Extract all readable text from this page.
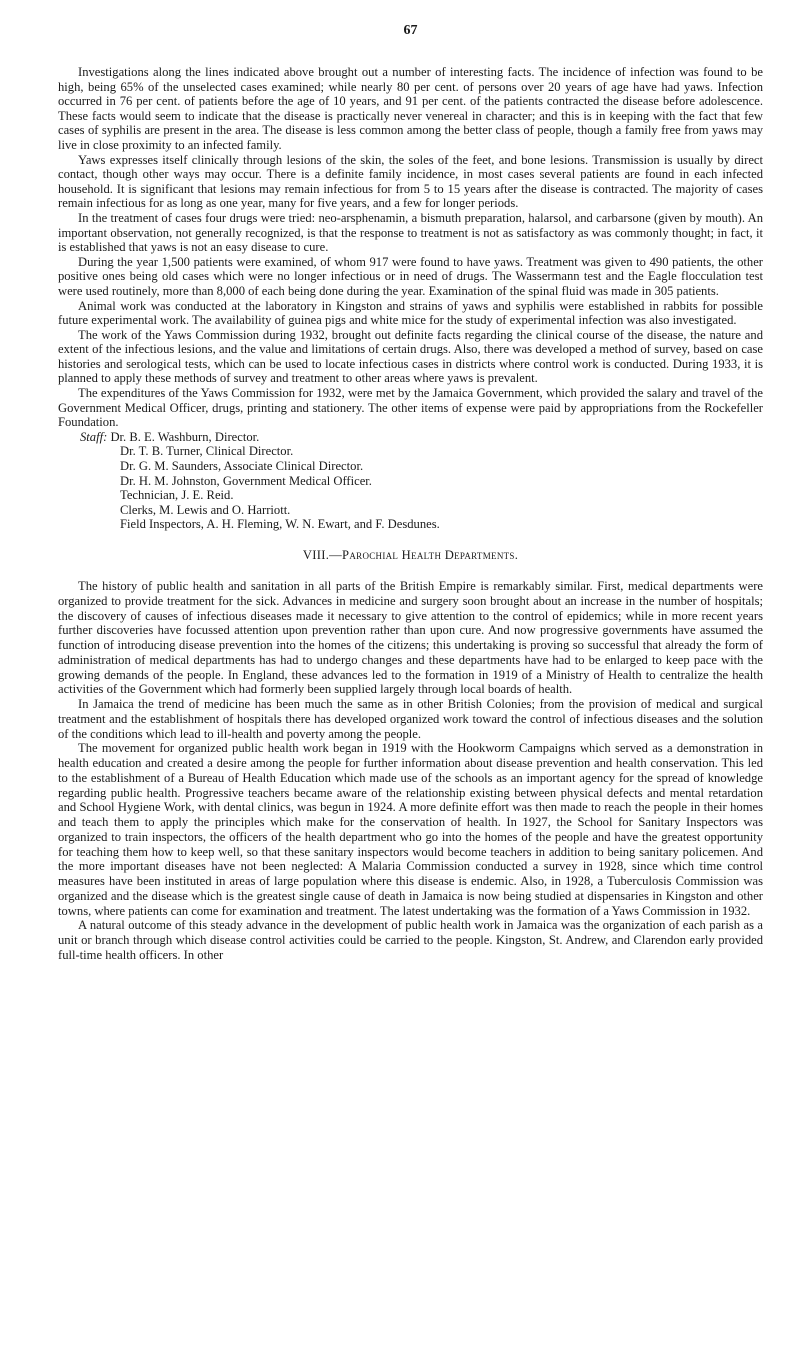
67

Investigations along the lines indicated above brought out a number of interesting facts. The incidence of infection was found to be high, being 65% of the unselected cases examined; while nearly 80 per cent. of persons over 20 years of age have had yaws. Infection occurred in 76 per cent. of patients before the age of 10 years, and 91 per cent. of the patients contracted the disease before adolescence. These facts would seem to indicate that the disease is practically never venereal in character; and this is in keeping with the fact that few cases of syphilis are present in the area. The disease is less common among the better class of people, though a family free from yaws may live in close proximity to an infected family.

Yaws expresses itself clinically through lesions of the skin, the soles of the feet, and bone lesions. Transmission is usually by direct contact, though other ways may occur. There is a definite family incidence, in most cases several patients are found in each infected household. It is significant that lesions may remain infectious for from 5 to 15 years after the disease is contracted. The majority of cases remain infectious for as long as one year, many for five years, and a few for longer periods.

In the treatment of cases four drugs were tried: neo-arsphenamin, a bismuth preparation, halarsol, and carbarsone (given by mouth). An important observation, not generally recognized, is that the response to treatment is not as satisfactory as was commonly thought; in fact, it is established that yaws is not an easy disease to cure.

During the year 1,500 patients were examined, of whom 917 were found to have yaws. Treatment was given to 490 patients, the other positive ones being old cases which were no longer infectious or in need of drugs. The Wassermann test and the Eagle flocculation test were used routinely, more than 8,000 of each being done during the year. Examination of the spinal fluid was made in 305 patients.

Animal work was conducted at the laboratory in Kingston and strains of yaws and syphilis were established in rabbits for possible future experimental work. The availability of guinea pigs and white mice for the study of experimental infection was also investigated.

The work of the Yaws Commission during 1932, brought out definite facts regarding the clinical course of the disease, the nature and extent of the infectious lesions, and the value and limitations of certain drugs. Also, there was developed a method of survey, based on case histories and serological tests, which can be used to locate infectious cases in districts where control work is conducted. During 1933, it is planned to apply these methods of survey and treatment to other areas where yaws is prevalent.

The expenditures of the Yaws Commission for 1932, were met by the Jamaica Government, which provided the salary and travel of the Government Medical Officer, drugs, printing and stationery. The other items of expense were paid by appropriations from the Rockefeller Foundation.

Staff: Dr. B. E. Washburn, Director.
Dr. T. B. Turner, Clinical Director.
Dr. G. M. Saunders, Associate Clinical Director.
Dr. H. M. Johnston, Government Medical Officer.
Technician, J. E. Reid.
Clerks, M. Lewis and O. Harriott.
Field Inspectors, A. H. Fleming, W. N. Ewart, and F. Desdunes.
VIII.—Parochial Health Departments.

The history of public health and sanitation in all parts of the British Empire is remarkably similar. First, medical departments were organized to provide treatment for the sick. Advances in medicine and surgery soon brought about an increase in the number of hospitals; the discovery of causes of infectious diseases made it necessary to give attention to the control of epidemics; while in more recent years further discoveries have focussed attention upon prevention rather than upon cure. And now progressive governments have assumed the function of introducing disease prevention into the homes of the citizens; this undertaking is proving so successful that already the form of administration of medical departments has had to undergo changes and these departments have had to be enlarged to keep pace with the growing demands of the people. In England, these advances led to the formation in 1919 of a Ministry of Health to centralize the health activities of the Government which had formerly been supplied largely through local boards of health.

In Jamaica the trend of medicine has been much the same as in other British Colonies; from the provision of medical and surgical treatment and the establishment of hospitals there has developed organized work toward the control of infectious diseases and the solution of the conditions which lead to ill-health and poverty among the people.

The movement for organized public health work began in 1919 with the Hookworm Campaigns which served as a demonstration in health education and created a desire among the people for further information about disease prevention and health conservation. This led to the establishment of a Bureau of Health Education which made use of the schools as an important agency for the spread of knowledge regarding public health. Progressive teachers became aware of the relationship existing between physical defects and mental retardation and School Hygiene Work, with dental clinics, was begun in 1924. A more definite effort was then made to reach the people in their homes and teach them to apply the principles which make for the conservation of health. In 1927, the School for Sanitary Inspectors was organized to train inspectors, the officers of the health department who go into the homes of the people and have the greatest opportunity for teaching them how to keep well, so that these sanitary inspectors would become teachers in addition to being sanitary policemen. And the more important diseases have not been neglected: A Malaria Commission conducted a survey in 1928, since which time control measures have been instituted in areas of large population where this disease is endemic. Also, in 1928, a Tuberculosis Commission was organized and the disease which is the greatest single cause of death in Jamaica is now being studied at dispensaries in Kingston and other towns, where patients can come for examination and treatment. The latest undertaking was the formation of a Yaws Commission in 1932.

A natural outcome of this steady advance in the development of public health work in Jamaica was the organization of each parish as a unit or branch through which disease control activities could be carried to the people. Kingston, St. Andrew, and Clarendon early provided full-time health officers. In other
